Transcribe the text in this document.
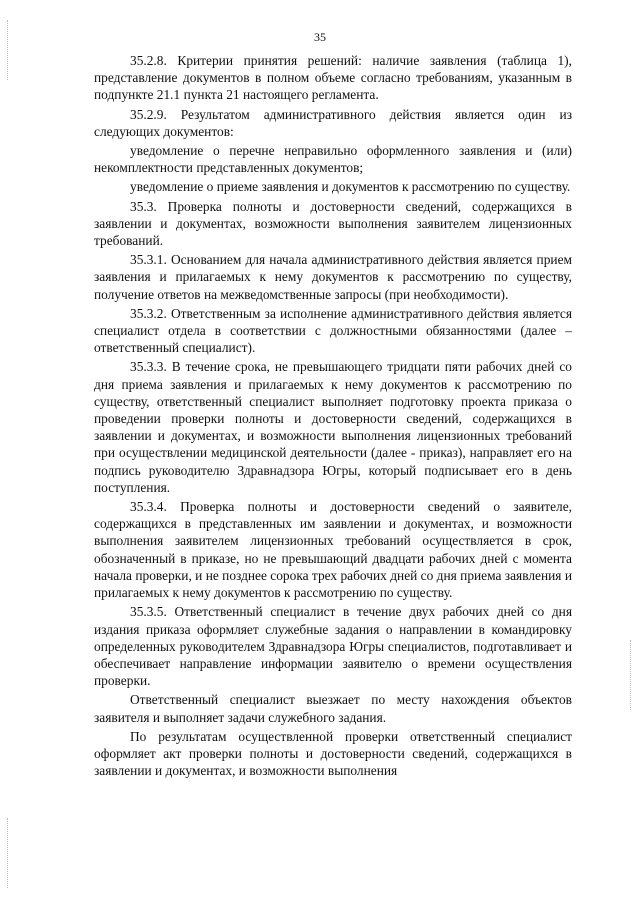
35

35.2.8. Критерии принятия решений: наличие заявления (таблица 1), представление документов в полном объеме согласно требованиям, указанным в подпункте 21.1 пункта 21 настоящего регламента.

35.2.9. Результатом административного действия является один из следующих документов:

уведомление о перечне неправильно оформленного заявления и (или) некомплектности представленных документов;

уведомление о приеме заявления и документов к рассмотрению по существу.

35.3. Проверка полноты и достоверности сведений, содержащихся в заявлении и документах, возможности выполнения заявителем лицензионных требований.

35.3.1. Основанием для начала административного действия является прием заявления и прилагаемых к нему документов к рассмотрению по существу, получение ответов на межведомственные запросы (при необходимости).

35.3.2. Ответственным за исполнение административного действия является специалист отдела в соответствии с должностными обязанностями (далее – ответственный специалист).

35.3.3. В течение срока, не превышающего тридцати пяти рабочих дней со дня приема заявления и прилагаемых к нему документов к рассмотрению по существу, ответственный специалист выполняет подготовку проекта приказа о проведении проверки полноты и достоверности сведений, содержащихся в заявлении и документах, и возможности выполнения лицензионных требований при осуществлении медицинской деятельности (далее - приказ), направляет его на подпись руководителю Здравнадзора Югры, который подписывает его в день поступления.

35.3.4. Проверка полноты и достоверности сведений о заявителе, содержащихся в представленных им заявлении и документах, и возможности выполнения заявителем лицензионных требований осуществляется в срок, обозначенный в приказе, но не превышающий двадцати рабочих дней с момента начала проверки, и не позднее сорока трех рабочих дней со дня приема заявления и прилагаемых к нему документов к рассмотрению по существу.

35.3.5. Ответственный специалист в течение двух рабочих дней со дня издания приказа оформляет служебные задания о направлении в командировку определенных руководителем Здравнадзора Югры специалистов, подготавливает и обеспечивает направление информации заявителю о времени осуществления проверки.

Ответственный специалист выезжает по месту нахождения объектов заявителя и выполняет задачи служебного задания.

По результатам осуществленной проверки ответственный специалист оформляет акт проверки полноты и достоверности сведений, содержащихся в заявлении и документах, и возможности выполнения
